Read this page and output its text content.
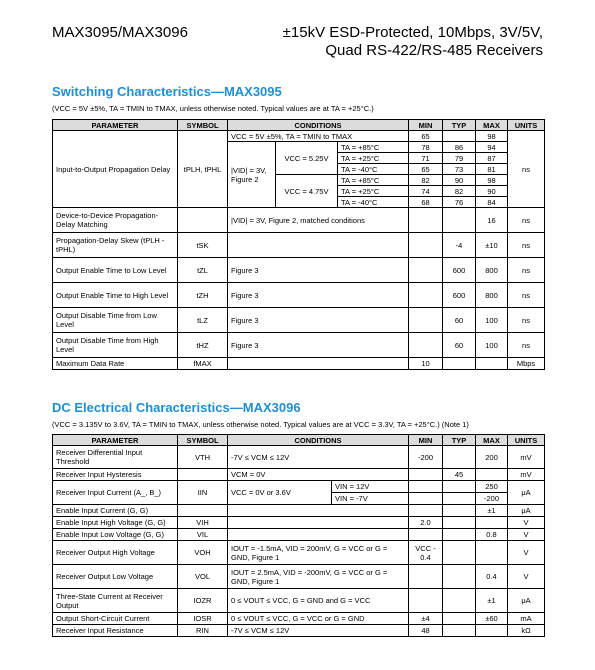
MAX3095/MAX3096	±15kV ESD-Protected, 10Mbps, 3V/5V,
Quad RS-422/RS-485 Receivers
Switching Characteristics—MAX3095
(VCC = 5V ±5%, TA = TMIN to TMAX, unless otherwise noted. Typical values are at TA = +25°C.)
PARAMETER	SYMBOL	CONDITIONS			MIN	TYP	MAX	UNITS
Input-to-Output Propagation Delay	tPLH, tPHL	VCC = 5V ±5%, TA = TMIN to TMAX			65		98	ns
		|VID| = 3V, Figure 2	VCC = 5.25V	TA = +85°C	78	86	94	
				TA = +25°C	71	79	87	
				TA = -40°C	65	73	81	
			VCC = 4.75V	TA = +85°C	82	90	98	
				TA = +25°C	74	82	90	
				TA = -40°C	68	76	84	
Device-to-Device Propagation-Delay Matching		|VID| = 3V, Figure 2, matched conditions					16	ns
Propagation-Delay Skew (tPLH - tPHL)	tSK					-4	±10	ns
Output Enable Time to Low Level	tZL	Figure 3				600	800	ns
Output Enable Time to High Level	tZH	Figure 3				600	800	ns
Output Disable Time from Low Level	tLZ	Figure 3				60	100	ns
Output Disable Time from High Level	tHZ	Figure 3				60	100	ns
Maximum Data Rate	fMAX				10			Mbps
DC Electrical Characteristics—MAX3096
(VCC = 3.135V to 3.6V, TA = TMIN to TMAX, unless otherwise noted. Typical values are at VCC = 3.3V, TA = +25°C.) (Note 1)
PARAMETER	SYMBOL	CONDITIONS		MIN	TYP	MAX	UNITS
Receiver Differential Input Threshold	VTH	-7V ≤ VCM ≤ 12V		-200		200	mV
Receiver Input Hysteresis		VCM = 0V			45		mV
Receiver Input Current (A_, B_)	IIN	VCC = 0V or 3.6V	VIN = 12V			250	μA
			VIN = -7V			-200	
Enable Input Current (G, G)						±1	μA
Enable Input High Voltage (G, G)	VIH			2.0			V
Enable Input Low Voltage (G, G)	VIL					0.8	V
Receiver Output High Voltage	VOH	IOUT = -1.5mA, VID = 200mV, G = VCC or G = GND, Figure 1		VCC - 0.4			V
Receiver Output Low Voltage	VOL	IOUT = 2.5mA, VID = -200mV, G = VCC or G = GND, Figure 1				0.4	V
Three-State Current at Receiver Output	IOZR	0 ≤ VOUT ≤ VCC, G = GND and G = VCC				±1	μA
Output Short-Circuit Current	IOSR	0 ≤ VOUT ≤ VCC, G = VCC or G = GND		±4		±60	mA
Receiver Input Resistance	RIN	-7V ≤ VCM ≤ 12V		48			kΩ
